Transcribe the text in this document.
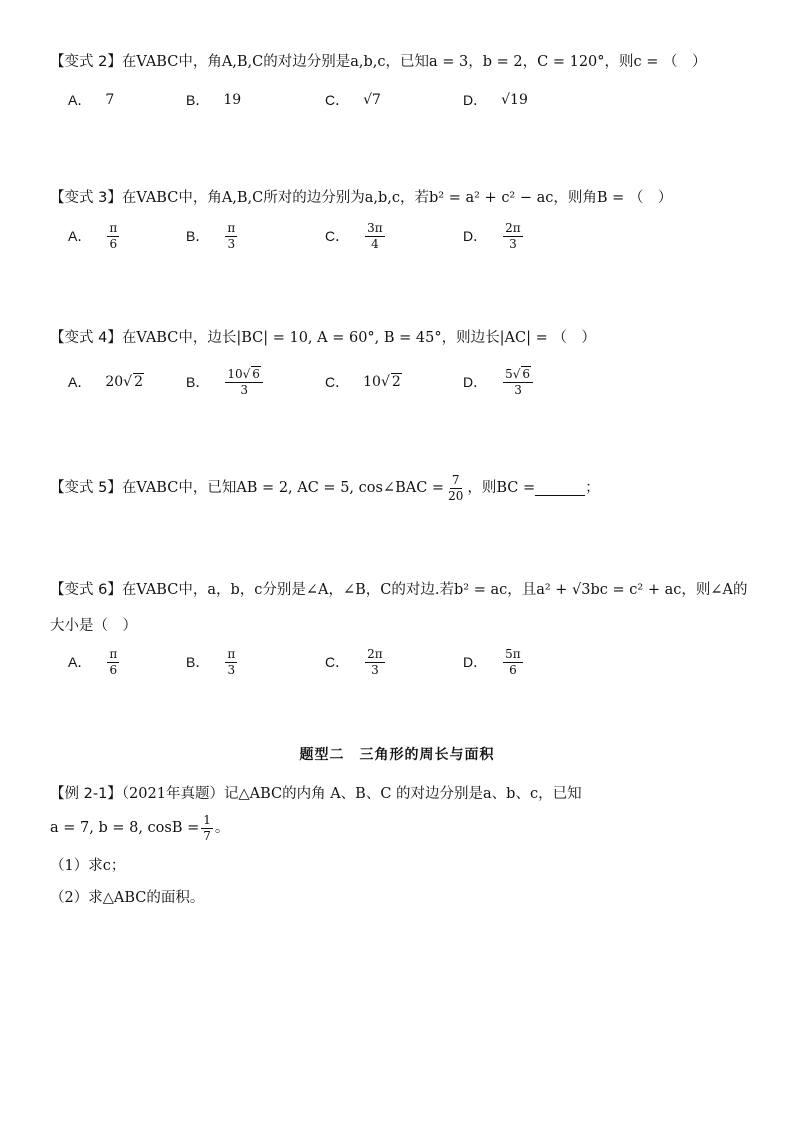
【变式 2】在VABC中，角A,B,C的对边分别是a,b,c，已知a = 3，b = 2，C = 120°，则c = （　）
A． 7	B． 19	C． √7	D． √19
【变式 3】在VABC中，角A,B,C所对的边分别为a,b,c，若b² = a² + c² − ac，则角B = （　）
A． $\frac{\pi}{6}$	B． $\frac{\pi}{3}$	C． $\frac{3\pi}{4}$	D． $\frac{2\pi}{3}$
【变式 4】在VABC中，边长|BC| = 10, A = 60°, B = 45°，则边长|AC| = （　）
A． 20 √ 2	B． $\frac{10√ 6}{3}$	C． 10 √ 2	D． $\frac{5√ 6}{3}$
【变式 5】 在VABC中，已知AB = 2, AC = 5, cos∠BAC = $\frac{7}{20}$ ，则BC =	；
【变式 6】在VABC中，a，b，c分别是∠A，∠B，C的对边.若b² = ac，且a² + √3bc = c² + ac，则∠A的
大小是（　）
A． $\frac{\pi}{6}$	B． $\frac{\pi}{3}$	C． $\frac{2\pi}{3}$	D． $\frac{5\pi}{6}$
题型二　三角形的周长与面积
【例 2-1】（2021年真题）记△ABC的内角 A、B、C 的对边分别是a、b、c，已知
a = 7, b = 8, $\cos B = \frac{1}{7}$ 。
（1）求c；
（2）求△ABC的面积。
